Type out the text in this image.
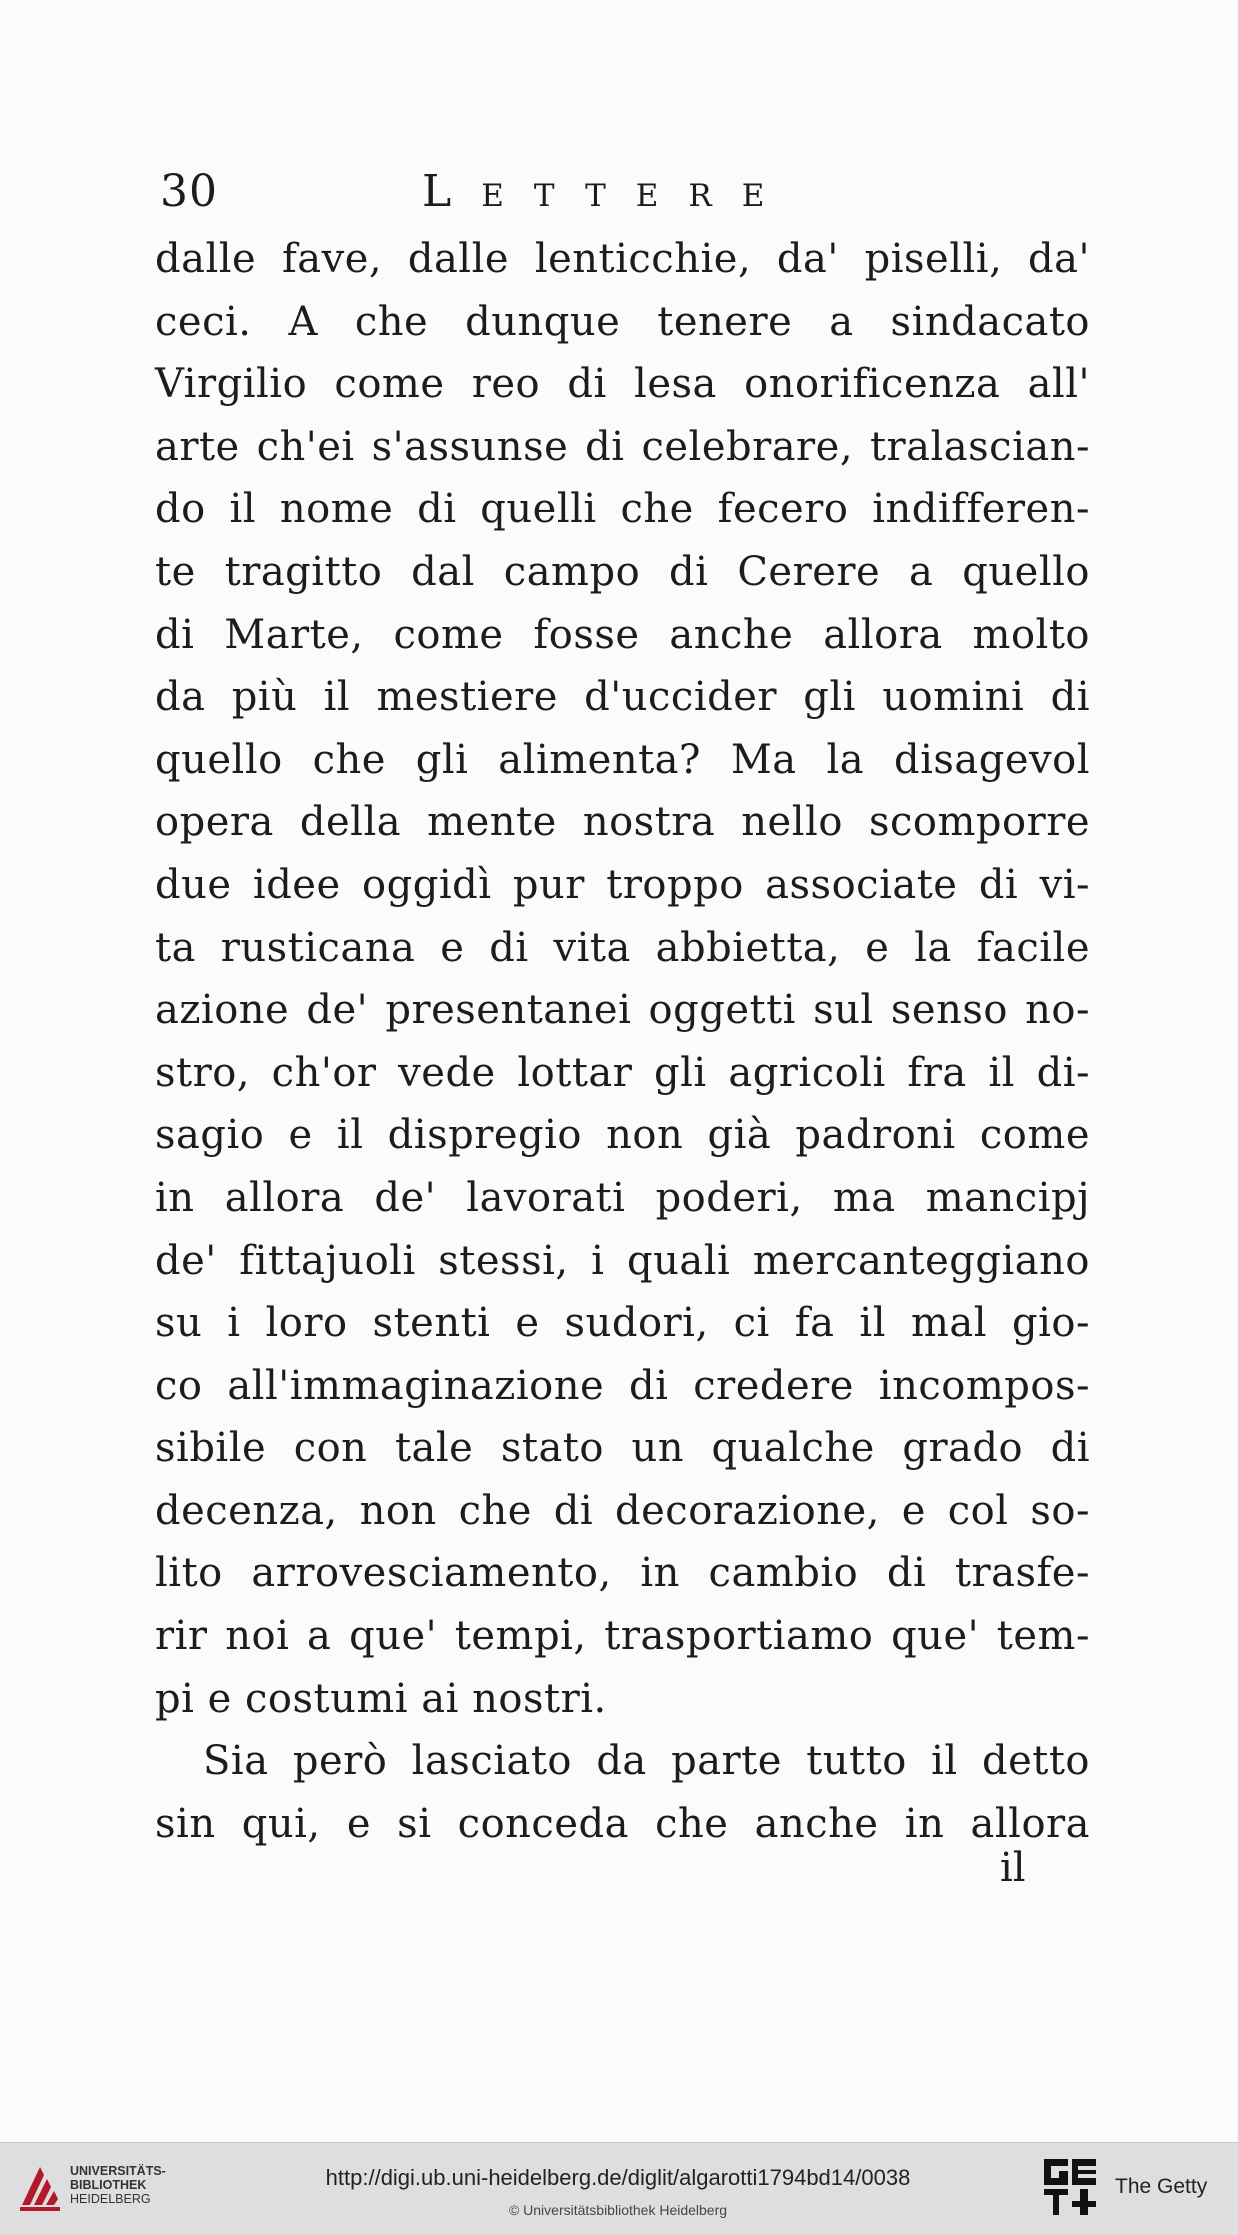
30	Lettere
dalle fave, dalle lenticchie, da' piselli, da'
ceci. A che dunque tenere a sindacato
Virgilio come reo di lesa onorificenza all'
arte ch'ei s'assunse di celebrare, tralascian-
do il nome di quelli che fecero indifferen-
te tragitto dal campo di Cerere a quello
di Marte, come fosse anche allora molto
da più il mestiere d'uccider gli uomini di
quello che gli alimenta? Ma la disagevol
opera della mente nostra nello scomporre
due idee oggidì pur troppo associate di vi-
ta rusticana e di vita abbietta, e la facile
azione de' presentanei oggetti sul senso no-
stro, ch'or vede lottar gli agricoli fra il di-
sagio e il dispregio non già padroni come
in allora de' lavorati poderi, ma mancipj
de' fittajuoli stessi, i quali mercanteggiano
su i loro stenti e sudori, ci fa il mal gio-
co all'immaginazione di credere incompos-
sibile con tale stato un qualche grado di
decenza, non che di decorazione, e col so-
lito arrovesciamento, in cambio di trasfe-
rir noi a que' tempi, trasportiamo que' tem-
pi e costumi ai nostri.
Sia però lasciato da parte tutto il detto
sin qui, e si conceda che anche in allora
il
UNIVERSITÄTS-
BIBLIOTHEK
HEIDELBERG
http://digi.ub.uni-heidelberg.de/diglit/algarotti1794bd14/0038
© Universitätsbibliothek Heidelberg
The Getty
